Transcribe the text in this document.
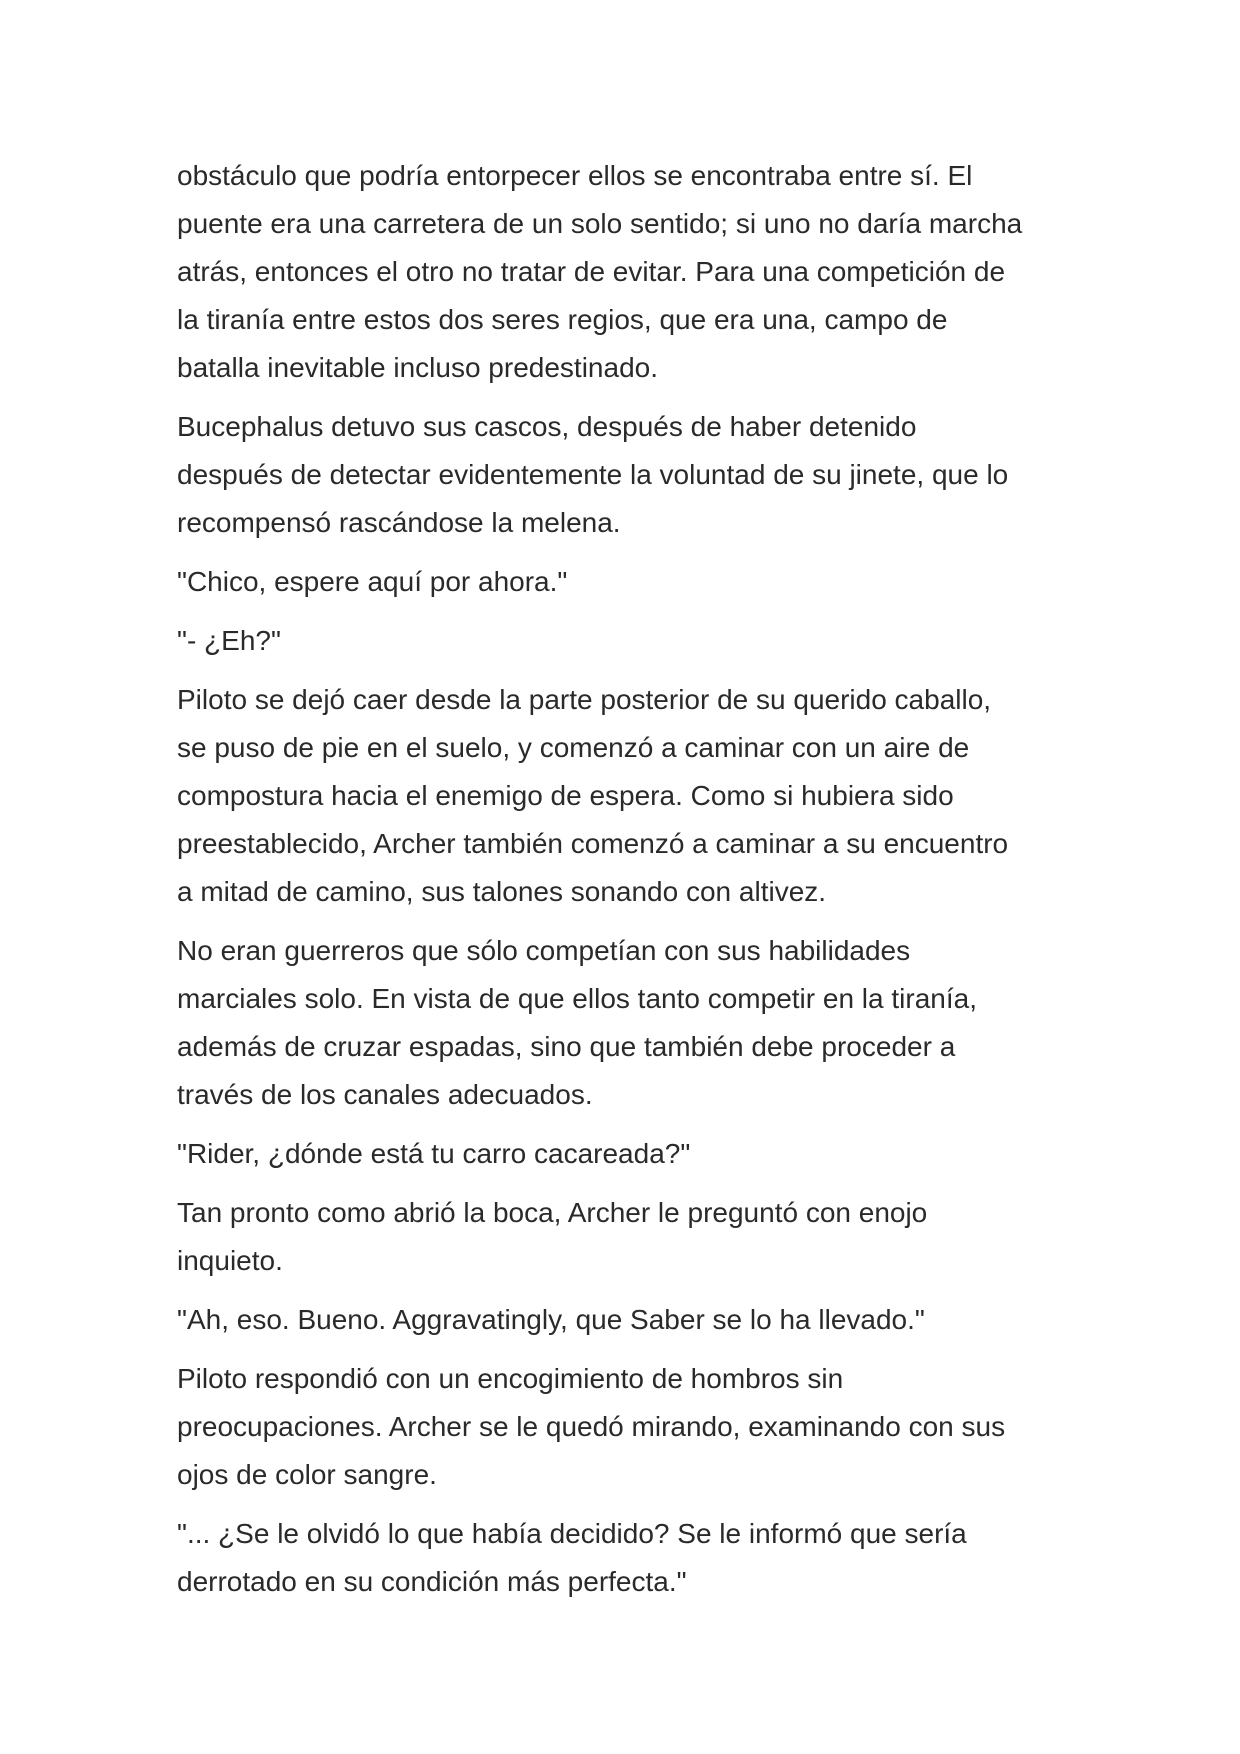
obstáculo que podría entorpecer ellos se encontraba entre sí. El
puente era una carretera de un solo sentido; si uno no daría marcha
atrás, entonces el otro no tratar de evitar. Para una competición de
la tiranía entre estos dos seres regios, que era una, campo de
batalla inevitable incluso predestinado.

Bucephalus detuvo sus cascos, después de haber detenido
después de detectar evidentemente la voluntad de su jinete, que lo
recompensó rascándose la melena.

"Chico, espere aquí por ahora."

"- ¿Eh?"

Piloto se dejó caer desde la parte posterior de su querido caballo,
se puso de pie en el suelo, y comenzó a caminar con un aire de
compostura hacia el enemigo de espera. Como si hubiera sido
preestablecido, Archer también comenzó a caminar a su encuentro
a mitad de camino, sus talones sonando con altivez.

No eran guerreros que sólo competían con sus habilidades
marciales solo. En vista de que ellos tanto competir en la tiranía,
además de cruzar espadas, sino que también debe proceder a
través de los canales adecuados.

"Rider, ¿dónde está tu carro cacareada?"

Tan pronto como abrió la boca, Archer le preguntó con enojo
inquieto.

"Ah, eso. Bueno. Aggravatingly, que Saber se lo ha llevado."

Piloto respondió con un encogimiento de hombros sin
preocupaciones. Archer se le quedó mirando, examinando con sus
ojos de color sangre.

"... ¿Se le olvidó lo que había decidido? Se le informó que sería
derrotado en su condición más perfecta."
